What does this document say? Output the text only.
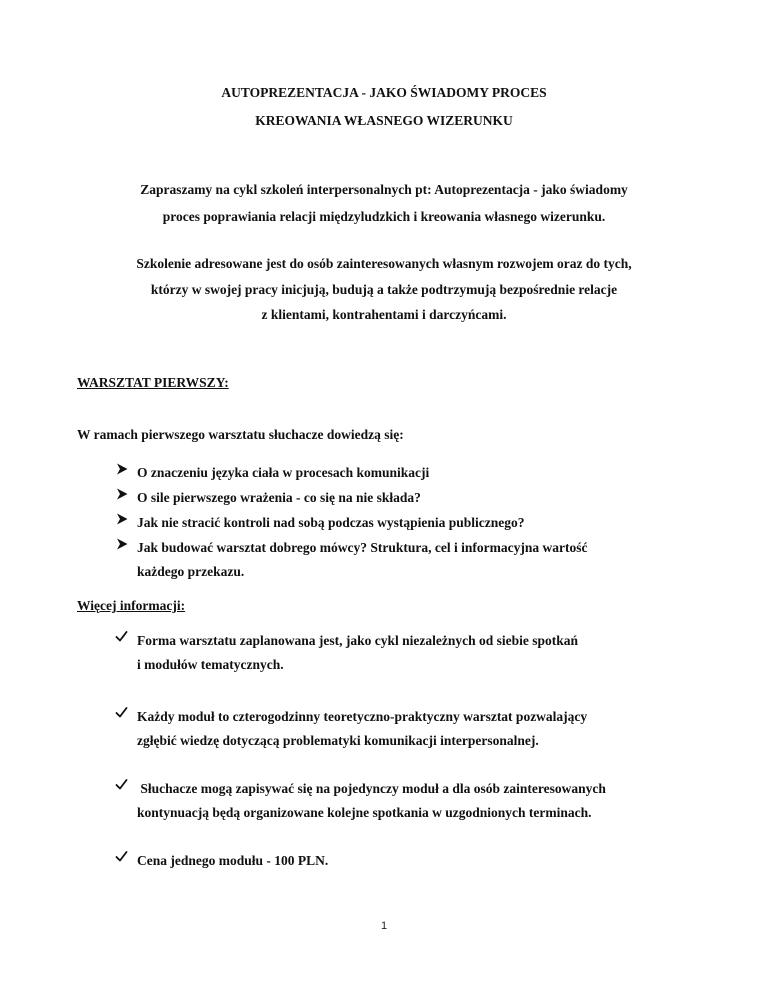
AUTOPREZENTACJA - JAKO ŚWIADOMY PROCES
KREOWANIA WŁASNEGO WIZERUNKU
Zapraszamy na cykl szkoleń interpersonalnych pt: Autoprezentacja - jako świadomy
proces poprawiania relacji międzyludzkich i kreowania własnego wizerunku.
Szkolenie adresowane jest do osób zainteresowanych własnym rozwojem oraz do tych,
którzy w swojej pracy inicjują, budują a także podtrzymują bezpośrednie relacje
z klientami, kontrahentami i darczyńcami.
WARSZTAT PIERWSZY:
W ramach pierwszego warsztatu słuchacze dowiedzą się:
O znaczeniu języka ciała w procesach komunikacji
O sile pierwszego wrażenia - co się na nie składa?
Jak nie stracić kontroli nad sobą podczas wystąpienia publicznego?
Jak budować warsztat dobrego mówcy? Struktura, cel i informacyjna wartość
każdego przekazu.
Więcej informacji:
Forma warsztatu zaplanowana jest, jako cykl niezależnych od siebie spotkań
i modułów tematycznych.
Każdy moduł to czterogodzinny teoretyczno-praktyczny warsztat pozwalający
zgłębić wiedzę dotyczącą problematyki komunikacji interpersonalnej.
Słuchacze mogą zapisywać się na pojedynczy moduł a dla osób zainteresowanych
kontynuacją będą organizowane kolejne spotkania w uzgodnionych terminach.
Cena jednego modułu - 100 PLN.
1
